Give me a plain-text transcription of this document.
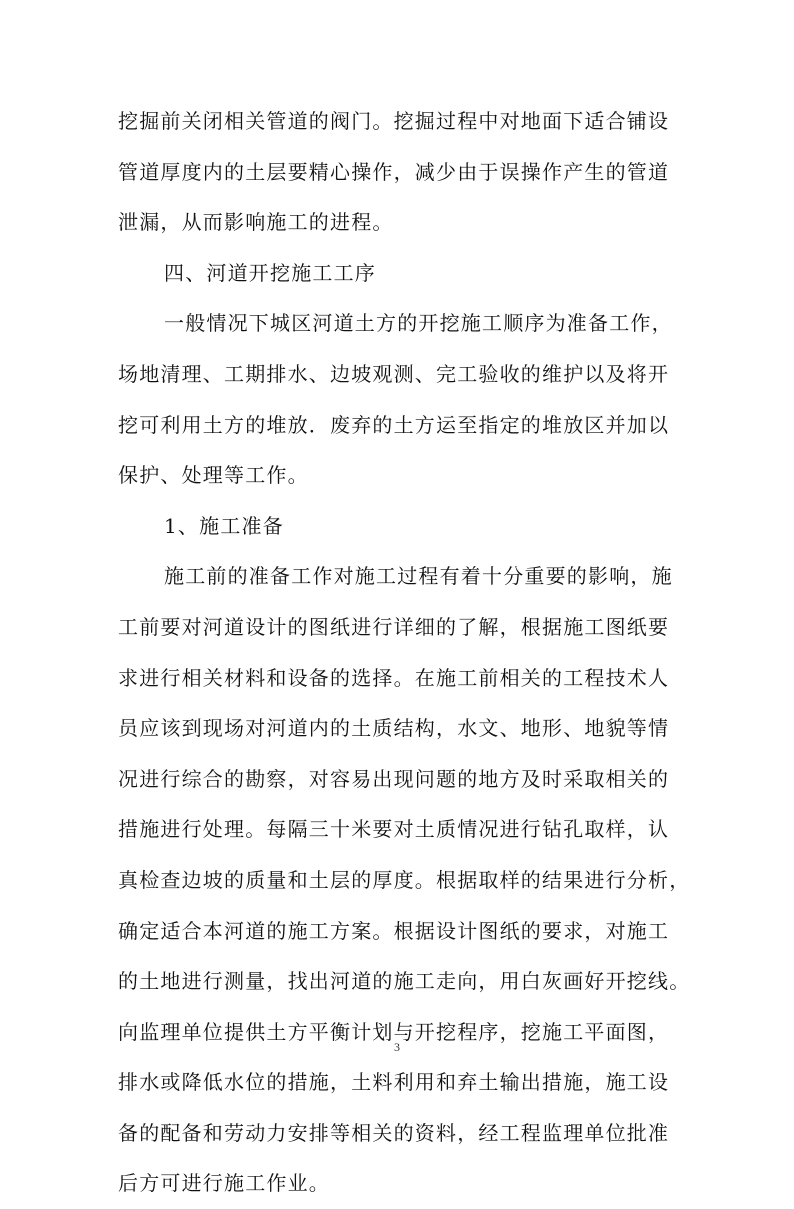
挖掘前关闭相关管道的阀门。挖掘过程中对地面下适合铺设
管道厚度内的土层要精心操作，减少由于误操作产生的管道
泄漏，从而影响施工的进程。
四、河道开挖施工工序
一般情况下城区河道土方的开挖施工顺序为准备工作，
场地清理、工期排水、边坡观测、完工验收的维护以及将开
挖可利用土方的堆放．废弃的土方运至指定的堆放区并加以
保护、处理等工作。
1、施工准备
施工前的准备工作对施工过程有着十分重要的影响，施
工前要对河道设计的图纸进行详细的了解，根据施工图纸要
求进行相关材料和设备的选择。在施工前相关的工程技术人
员应该到现场对河道内的土质结构，水文、地形、地貌等情
况进行综合的勘察，对容易出现问题的地方及时采取相关的
措施进行处理。每隔三十米要对土质情况进行钻孔取样，认
真检查边坡的质量和土层的厚度。根据取样的结果进行分析，
确定适合本河道的施工方案。根据设计图纸的要求，对施工
的土地进行测量，找出河道的施工走向，用白灰画好开挖线。
向监理单位提供土方平衡计划与开挖程序，挖施工平面图，
排水或降低水位的措施，土料利用和弃土输出措施，施工设
备的配备和劳动力安排等相关的资料，经工程监理单位批准
后方可进行施工作业。
3
